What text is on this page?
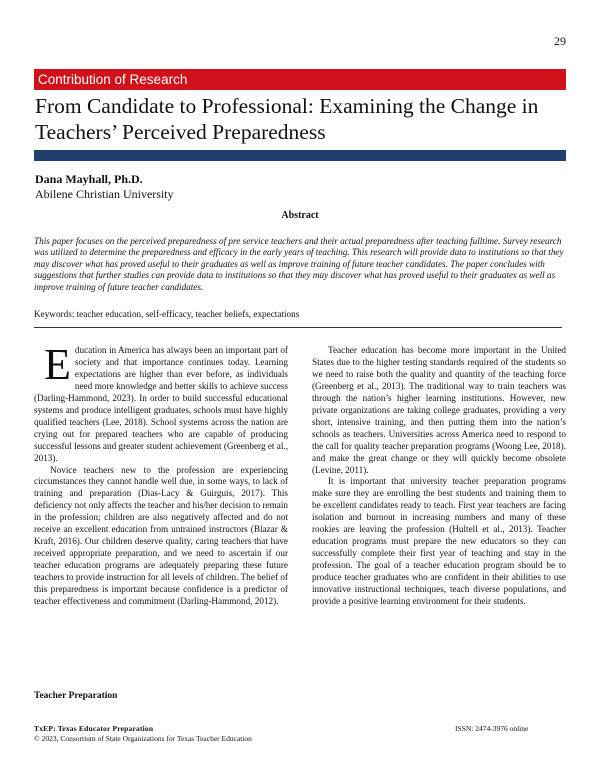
29
Contribution of Research
From Candidate to Professional: Examining the Change in
Teachers’ Perceived Preparedness
Dana Mayhall, Ph.D.
Abilene Christian University
Abstract

This paper focuses on the perceived preparedness of pre service teachers and their actual preparedness after teaching fulltime. Survey research was utilized to determine the preparedness and efficacy in the early years of teaching. This research will provide data to institutions so that they may discover what has proved useful to their graduates as well as improve training of future teacher candidates. The paper concludes with suggestions that further studies can provide data to institutions so that they may discover what has proved useful to their graduates as well as improve training of future teacher candidates.

Keywords: teacher education, self-efficacy, teacher beliefs, expectations

Education in America has always been an important part of society and that importance continues today. Learning expectations are higher than ever before, as individuals need more knowledge and better skills to achieve success (Darling-Hammond, 2023). In order to build successful educational systems and produce intelligent graduates, schools must have highly qualified teachers (Lee, 2018). School systems across the nation are crying out for prepared teachers who are capable of producing successful lessons and greater student achievement (Greenberg et al., 2013).

Novice teachers new to the profession are experiencing circumstances they cannot handle well due, in some ways, to lack of training and preparation (Dias-Lacy & Guirguis, 2017). This deficiency not only affects the teacher and his/her decision to remain in the profession; children are also negatively affected and do not receive an excellent education from untrained instructors (Blazar & Kraft, 2016). Our children deserve quality, caring teachers that have received appropriate preparation, and we need to ascertain if our teacher education programs are adequately preparing these future teachers to provide instruction for all levels of children. The belief of this preparedness is important because confidence is a predictor of teacher effectiveness and commitment (Darling-Hammond, 2012).

Teacher Preparation

Teacher education has become more important in the United States due to the higher testing standards required of the students so we need to raise both the quality and quantity of the teaching force (Greenberg et al., 2013). The traditional way to train teachers was through the nation’s higher learning institutions. However, new private organizations are taking college graduates, providing a very short, intensive training, and then putting them into the nation’s schools as teachers. Universities across America need to respond to the call for quality teacher preparation programs (Woong Lee, 2018). and make the great change or they will quickly become obsolete (Levine, 2011).

It is important that university teacher preparation programs make sure they are enrolling the best students and training them to be excellent candidates ready to teach. First year teachers are facing isolation and burnout in increasing numbers and many of these rookies are leaving the profession (Hultell et al., 2013). Teacher education programs must prepare the new educators so they can successfully complete their first year of teaching and stay in the profession. The goal of a teacher education program should be to produce teacher graduates who are confident in their abilities to use innovative instructional techniques, teach diverse populations, and provide a positive learning environment for their students.

TxEP: Texas Educator Preparation
© 2023, Consortium of State Organizations for Texas Teacher Education
ISSN: 2474-3976 online
